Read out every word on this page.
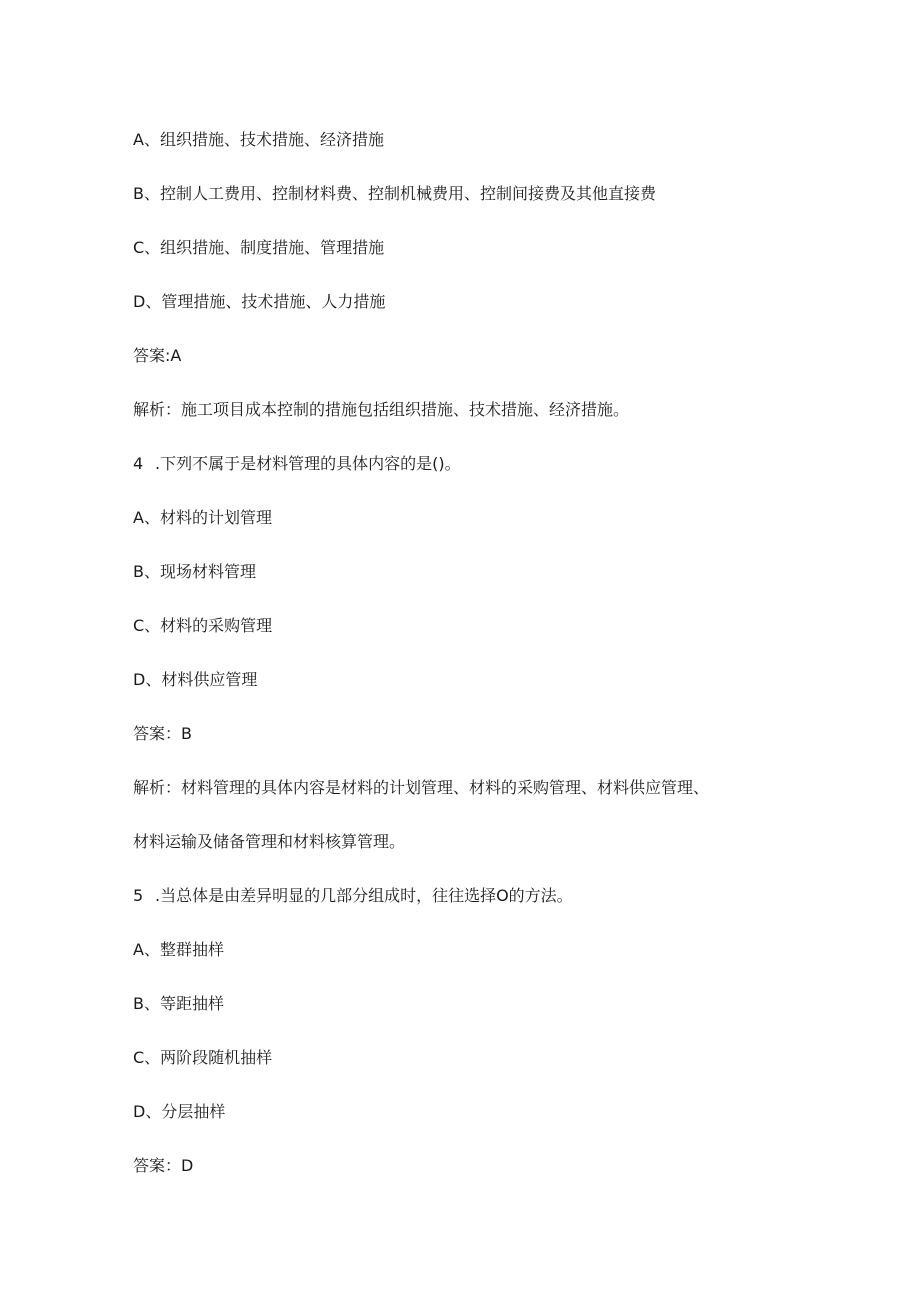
A、组织措施、技术措施、经济措施
B、控制人工费用、控制材料费、控制机械费用、控制间接费及其他直接费
C、组织措施、制度措施、管理措施
D、管理措施、技术措施、人力措施
答案:A
解析：施工项目成本控制的措施包括组织措施、技术措施、经济措施。
4 .下列不属于是材料管理的具体内容的是()。
A、材料的计划管理
B、现场材料管理
C、材料的采购管理
D、材料供应管理
答案：B
解析：材料管理的具体内容是材料的计划管理、材料的采购管理、材料供应管理、
材料运输及储备管理和材料核算管理。
5 .当总体是由差异明显的几部分组成时，往往选择O的方法。
A、整群抽样
B、等距抽样
C、两阶段随机抽样
D、分层抽样
答案：D
